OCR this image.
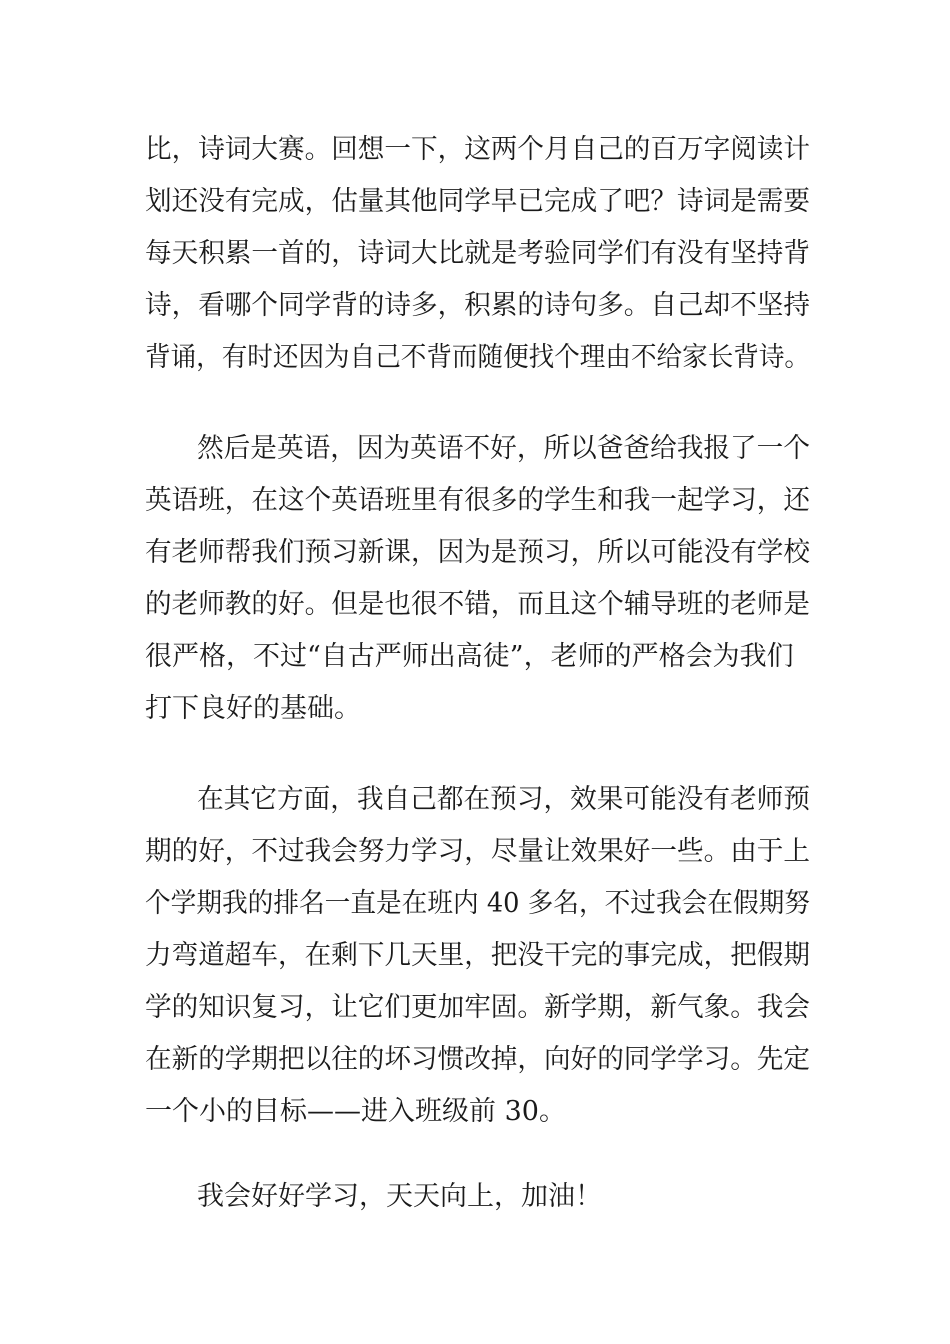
比，诗词大赛。回想一下，这两个月自己的百万字阅读计
划还没有完成，估量其他同学早已完成了吧？诗词是需要
每天积累一首的，诗词大比就是考验同学们有没有坚持背
诗，看哪个同学背的诗多，积累的诗句多。自己却不坚持
背诵，有时还因为自己不背而随便找个理由不给家长背诗。
然后是英语，因为英语不好，所以爸爸给我报了一个
英语班，在这个英语班里有很多的学生和我一起学习，还
有老师帮我们预习新课，因为是预习，所以可能没有学校
的老师教的好。但是也很不错，而且这个辅导班的老师是
很严格，不过“自古严师出高徒”，老师的严格会为我们
打下良好的基础。
在其它方面，我自己都在预习，效果可能没有老师预
期的好，不过我会努力学习，尽量让效果好一些。由于上
个学期我的排名一直是在班内 40 多名，不过我会在假期努
力弯道超车，在剩下几天里，把没干完的事完成，把假期
学的知识复习，让它们更加牢固。新学期，新气象。我会
在新的学期把以往的坏习惯改掉，向好的同学学习。先定
一个小的目标——进入班级前 30。
我会好好学习，天天向上，加油！
